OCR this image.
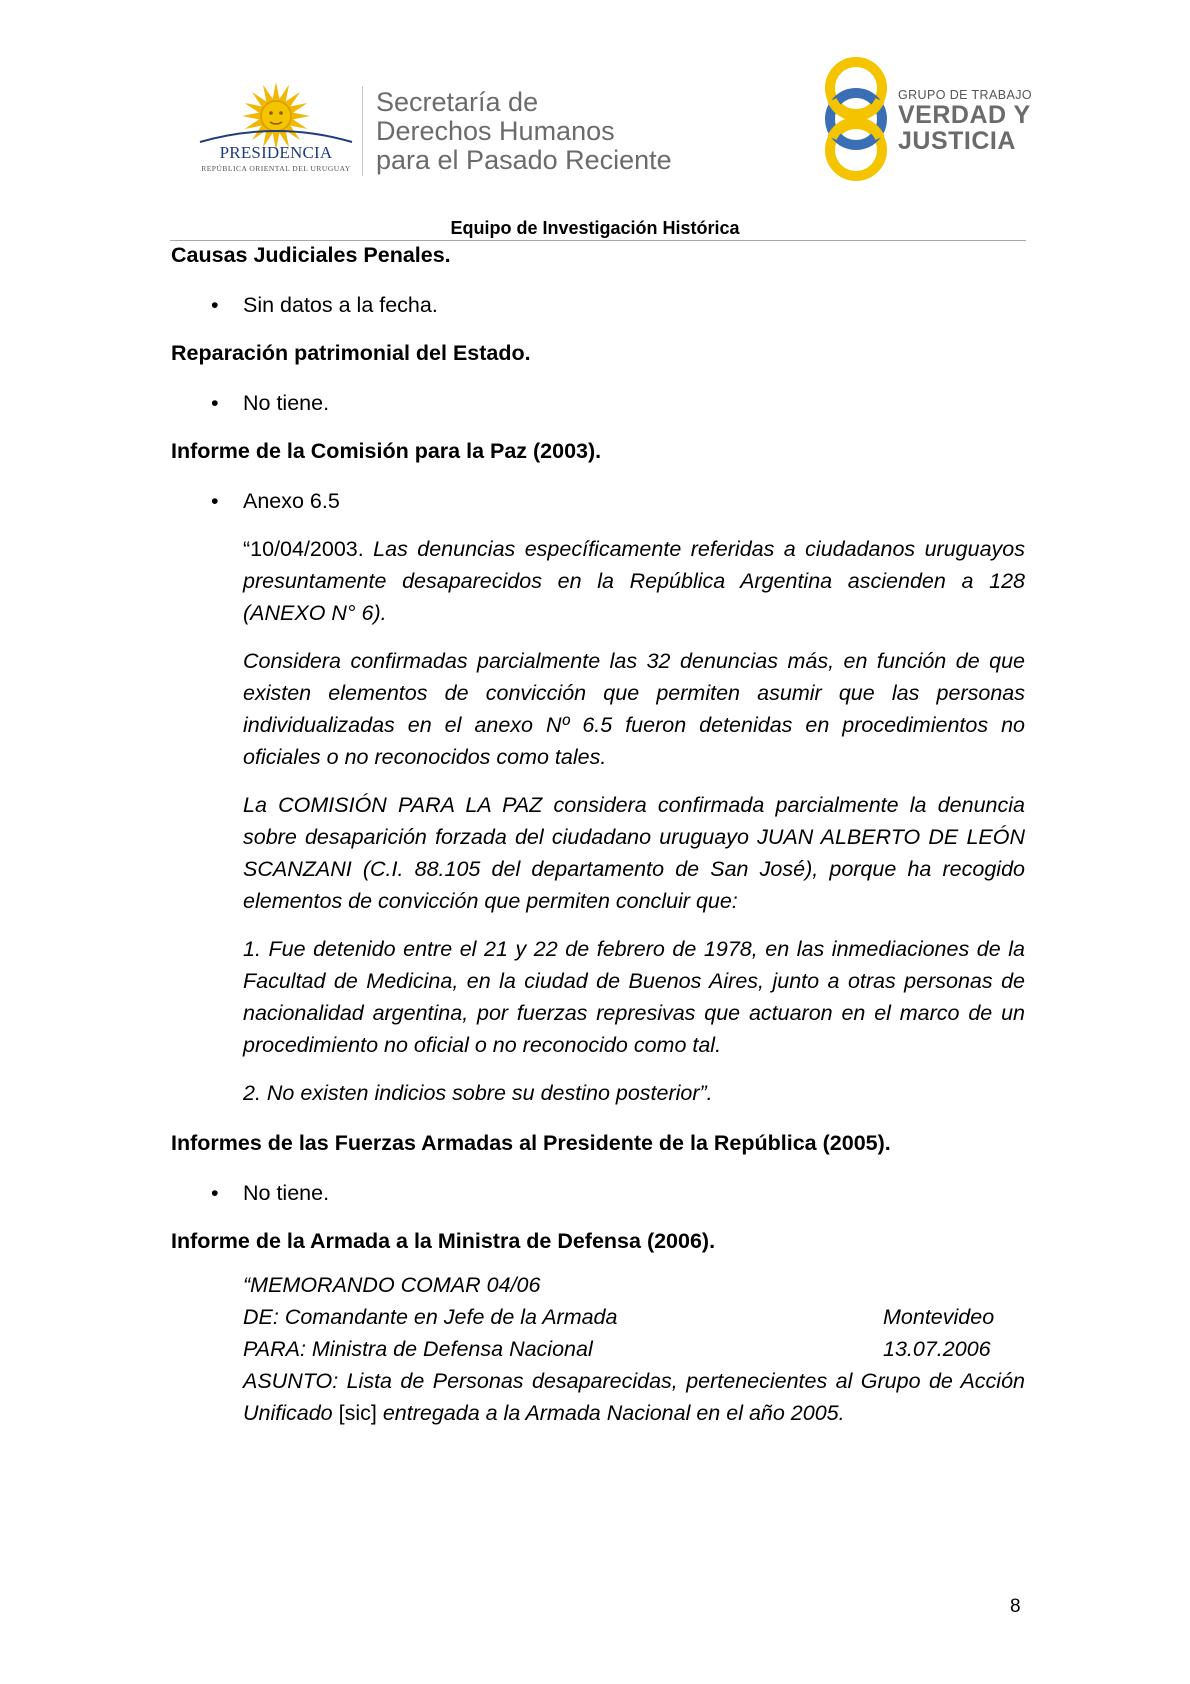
PRESIDENCIA
REPÚBLICA ORIENTAL DEL URUGUAY
Secretaría de
Derechos Humanos
para el Pasado Reciente
GRUPO DE TRABAJO
VERDAD Y
JUSTICIA
Equipo de Investigación Histórica

Causas Judiciales Penales.

• Sin datos a la fecha.

Reparación patrimonial del Estado.

• No tiene.

Informe de la Comisión para la Paz (2003).

• Anexo 6.5

“10/04/2003. Las denuncias específicamente referidas a ciudadanos uruguayos presuntamente desaparecidos en la República Argentina ascienden a 128 (ANEXO N° 6).

Considera confirmadas parcialmente las 32 denuncias más, en función de que existen elementos de convicción que permiten asumir que las personas individualizadas en el anexo Nº 6.5 fueron detenidas en procedimientos no oficiales o no reconocidos como tales.

La COMISIÓN PARA LA PAZ considera confirmada parcialmente la denuncia sobre desaparición forzada del ciudadano uruguayo JUAN ALBERTO DE LEÓN SCANZANI (C.I. 88.105 del departamento de San José), porque ha recogido elementos de convicción que permiten concluir que:

1. Fue detenido entre el 21 y 22 de febrero de 1978, en las inmediaciones de la Facultad de Medicina, en la ciudad de Buenos Aires, junto a otras personas de nacionalidad argentina, por fuerzas represivas que actuaron en el marco de un procedimiento no oficial o no reconocido como tal.

2. No existen indicios sobre su destino posterior”.

Informes de las Fuerzas Armadas al Presidente de la República (2005).

• No tiene.

Informe de la Armada a la Ministra de Defensa (2006).

“MEMORANDO COMAR 04/06
DE: Comandante en Jefe de la Armada	Montevideo
PARA: Ministra de Defensa Nacional	13.07.2006
ASUNTO: Lista de Personas desaparecidas, pertenecientes al Grupo de Acción Unificado [sic] entregada a la Armada Nacional en el año 2005.
8
